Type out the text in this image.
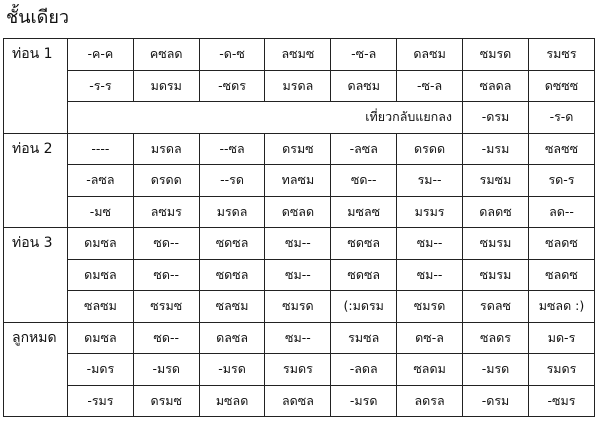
ชั้นเดียว
ท่อน 1	-ค-ค	คซลด	-ด-ซ	ลซมซ	-ซ-ล	ดลซม	ซมรด	รมซร
	-ร-ร	มดรม	-ซดร	มรดล	ดลซม	-ซ-ล	ซลดล	ดซซซ
	เที่ยวกลับแยกลง						-ดรม	-ร-ด
ท่อน 2	----	มรดล	--ซล	ดรมซ	-ลซล	ดรดด	-มรม	ซลซซ
	-ลซล	ดรดด	--รด	ทลซม	ซด--	รม--	รมซม	รด-ร
	-มซ	ลซมร	มรดล	ดซลด	มซลซ	มรมร	ดลดซ	ลด--
ท่อน 3	ดมซล	ซด--	ซดซล	ซม--	ซดซล	ซม--	ซมรม	ซลดซ
	ดมซล	ซด--	ซดซล	ซม--	ซดซล	ซม--	ซมรม	ซลดซ
	ซลซม	ซรมซ	ซลซม	ซมรด	(:มดรม	ซมรด	รดลซ	มซลด :)
ลูกหมด	ดมซล	ซด--	ดลซล	ซม--	รมซล	ดซ-ล	ซลดร	มด-ร
	-มดร	-มรด	-มรด	รมดร	-ลดล	ซลดม	-มรด	รมดร
	-รมร	ดรมซ	มซลด	ลดซล	-มรด	ลดรล	-ดรม	-ซมร
